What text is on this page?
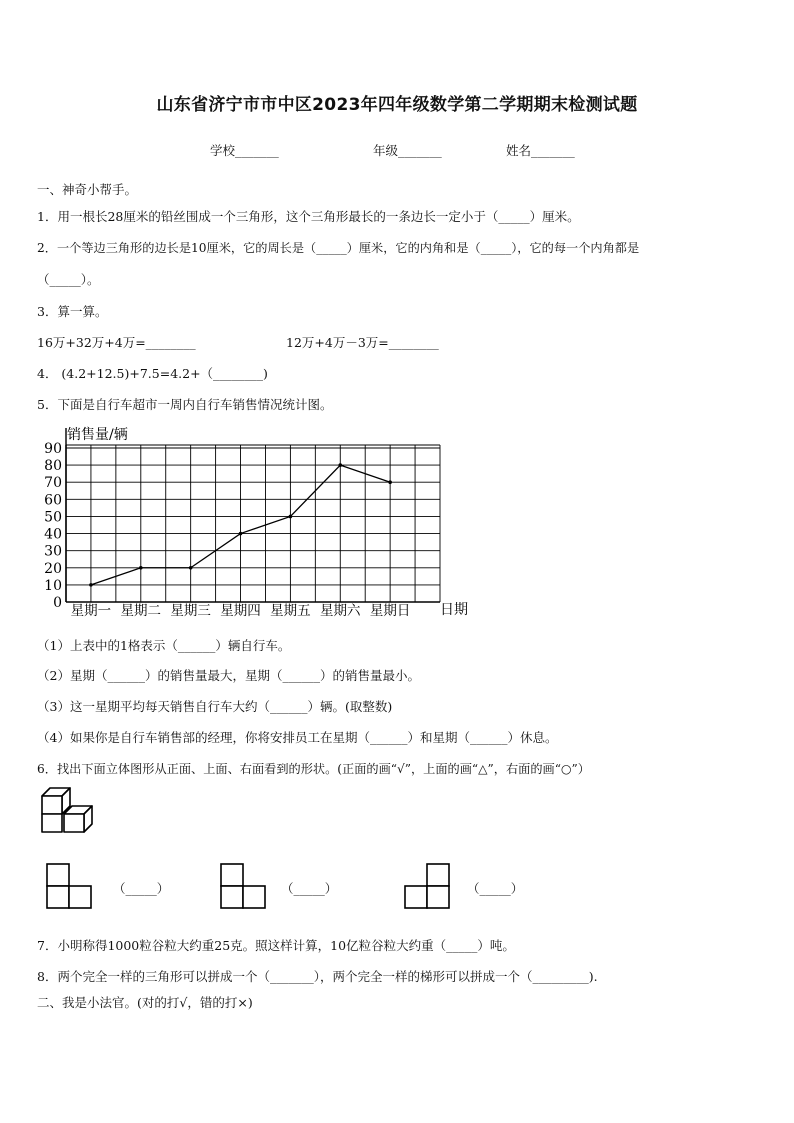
山东省济宁市市中区2023年四年级数学第二学期期末检测试题
学校_______	年级_______	姓名_______
一、神奇小帮手。
1．用一根长28厘米的铅丝围成一个三角形，这个三角形最长的一条边长一定小于（_____）厘米。
2．一个等边三角形的边长是10厘米，它的周长是（_____）厘米，它的内角和是（_____），它的每一个内角都是
（_____）。
3．算一算。
16万+32万+4万=________	12万+4万－3万=________
4． (4.2+12.5)+7.5=4.2+（________)
5．下面是自行车超市一周内自行车销售情况统计图。
0
10
20
30
40
50
60
70
80
90
星期一 星期二 星期三 星期四 星期五 星期六 星期日
销售量/辆
日期
（1）上表中的1格表示（______）辆自行车。
（2）星期（______）的销售量最大，星期（______）的销售量最小。
（3）这一星期平均每天销售自行车大约（______）辆。(取整数)
（4）如果你是自行车销售部的经理，你将安排员工在星期（______）和星期（______）休息。
6．找出下面立体图形从正面、上面、右面看到的形状。(正面的画“√”，上面的画“△”，右面的画“○”）
（_____）	（_____）	（_____）
7．小明称得1000粒谷粒大约重25克。照这样计算，10亿粒谷粒大约重（_____）吨。
8．两个完全一样的三角形可以拼成一个（_______），两个完全一样的梯形可以拼成一个（_________).
二、我是小法官。(对的打√，错的打×)
